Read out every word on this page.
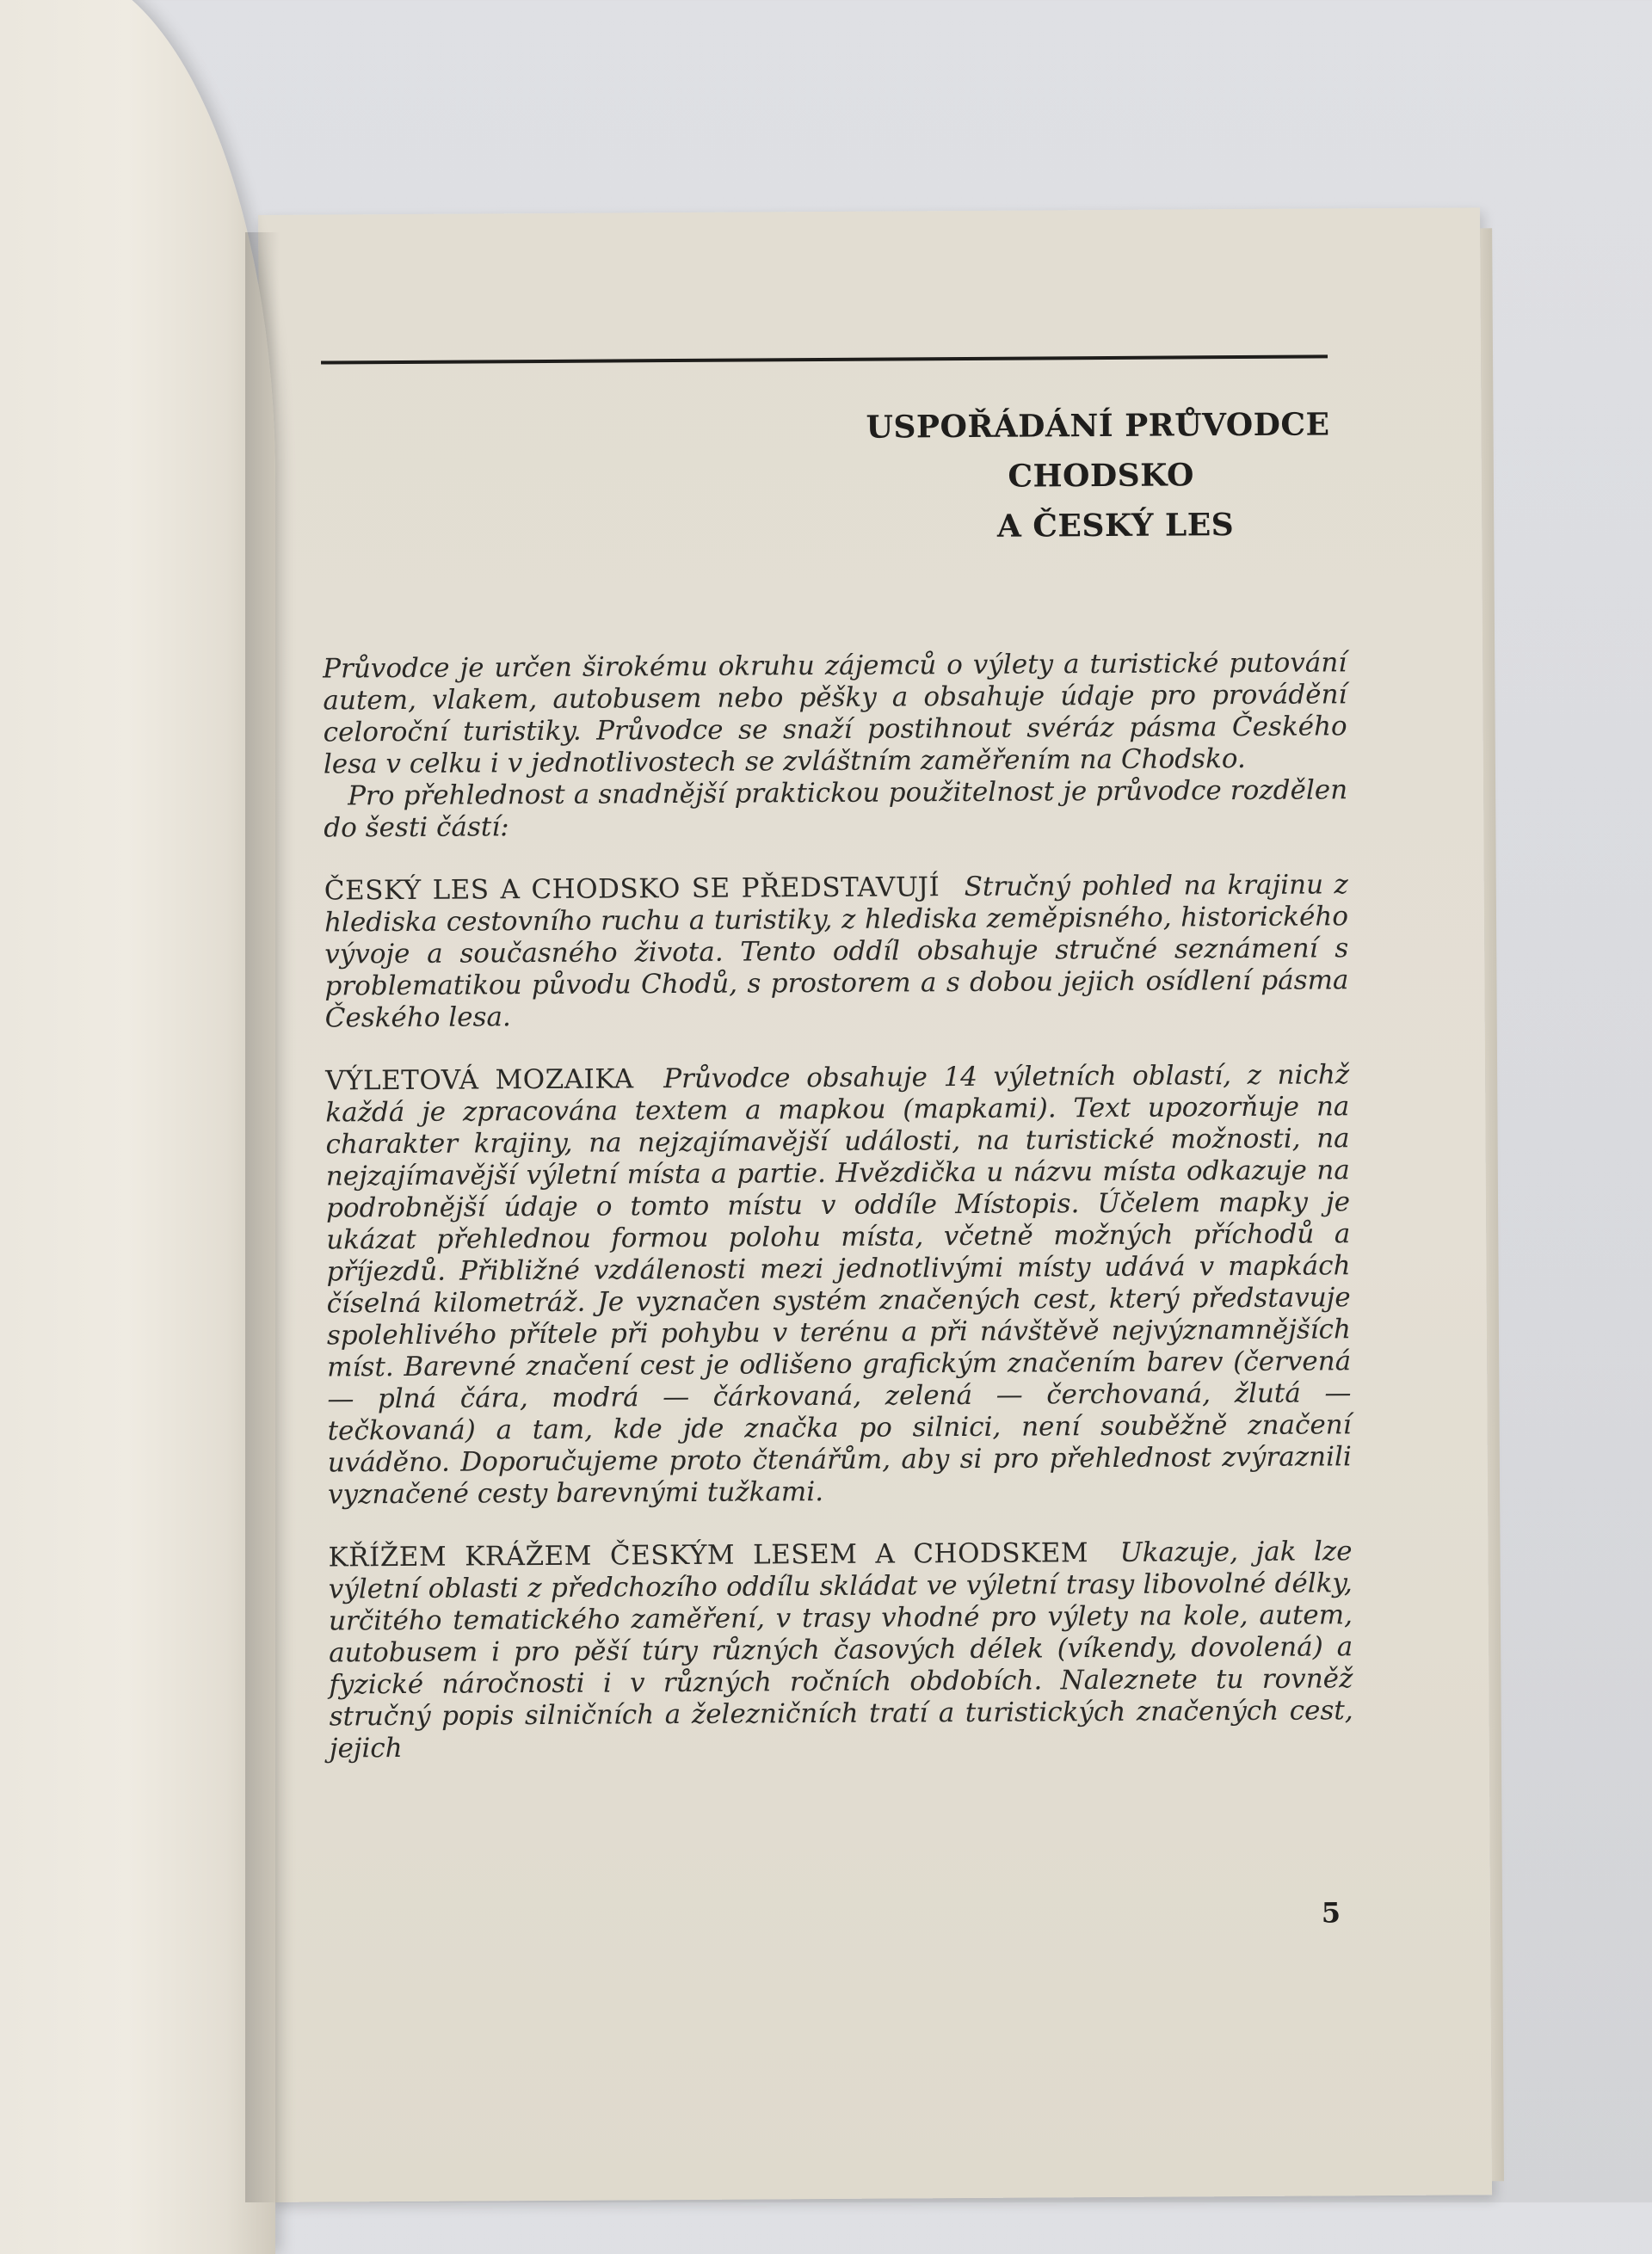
USPOŘÁDÁNÍ PRŮVODCE
CHODSKO
A ČESKÝ LES

Průvodce je určen širokému okruhu zájemců o výlety a turistické putování autem, vlakem, autobusem nebo pěšky a obsahuje údaje pro provádění celoroční turistiky. Průvodce se snaží postihnout svéráz pásma Českého lesa v celku i v jednotlivostech se zvláštním zaměřením na Chodsko.

Pro přehlednost a snadnější praktickou použitelnost je průvodce rozdělen do šesti částí:

ČESKÝ LES A CHODSKO SE PŘEDSTAVUJÍ  Stručný pohled na krajinu z hlediska cestovního ruchu a turistiky, z hlediska zeměpisného, historického vývoje a současného života. Tento oddíl obsahuje stručné seznámení s problematikou původu Chodů, s prostorem a s dobou jejich osídlení pásma Českého lesa.

VÝLETOVÁ MOZAIKA  Průvodce obsahuje 14 výletních oblastí, z nichž každá je zpracována textem a mapkou (mapkami). Text upozorňuje na charakter krajiny, na nejzajímavější události, na turistické možnosti, na nejzajímavější výletní místa a partie. Hvězdička u názvu místa odkazuje na podrobnější údaje o tomto místu v oddíle Místopis. Účelem mapky je ukázat přehlednou formou polohu místa, včetně možných příchodů a příjezdů. Přibližné vzdálenosti mezi jednotlivými místy udává v mapkách číselná kilometráž. Je vyznačen systém značených cest, který představuje spolehlivého přítele při pohybu v terénu a při návštěvě nejvýznamnějších míst. Barevné značení cest je odlišeno grafickým značením barev (červená — plná čára, modrá — čárkovaná, zelená — čerchovaná, žlutá — tečkovaná) a tam, kde jde značka po silnici, není souběžně značení uváděno. Doporučujeme proto čtenářům, aby si pro přehlednost zvýraznili vyznačené cesty barevnými tužkami.

KŘÍŽEM KRÁŽEM ČESKÝM LESEM A CHODSKEM  Ukazuje, jak lze výletní oblasti z předchozího oddílu skládat ve výletní trasy libovolné délky, určitého tematického zaměření, v trasy vhodné pro výlety na kole, autem, autobusem i pro pěší túry různých časových délek (víkendy, dovolená) a fyzické náročnosti i v různých ročních obdobích. Naleznete tu rovněž stručný popis silničních a železničních tratí a turistických značených cest, jejich

5
